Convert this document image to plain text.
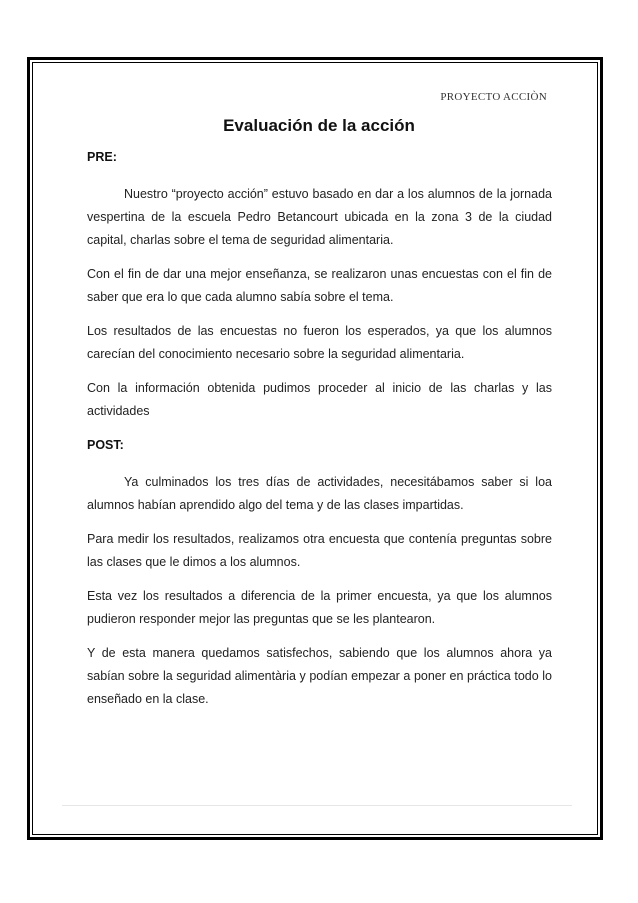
PROYECTO ACCIÒN
Evaluación de la acción
PRE:

Nuestro “proyecto acción” estuvo basado en dar a los alumnos de la jornada vespertina de la escuela Pedro Betancourt ubicada en la zona 3 de la ciudad capital, charlas sobre el tema de seguridad alimentaria.

Con el fin de dar una mejor enseñanza, se realizaron unas encuestas con el fin de saber que era lo que cada alumno sabía sobre el tema.

Los resultados de las encuestas no fueron los esperados, ya que los alumnos carecían del conocimiento necesario sobre la seguridad alimentaria.

Con la información obtenida pudimos proceder al inicio de las charlas y las actividades

POST:

Ya culminados los tres días de actividades, necesitábamos saber si loa alumnos habían aprendido algo del tema y de las clases impartidas.

Para medir los resultados, realizamos otra encuesta que contenía preguntas sobre las clases que le dimos a los alumnos.

Esta vez los resultados a diferencia de la primer encuesta, ya que los alumnos pudieron responder mejor las preguntas que se les plantearon.

Y de esta manera quedamos satisfechos, sabiendo que los alumnos ahora ya sabían sobre la seguridad alimentària y podían empezar a poner en práctica todo lo enseñado en la clase.
